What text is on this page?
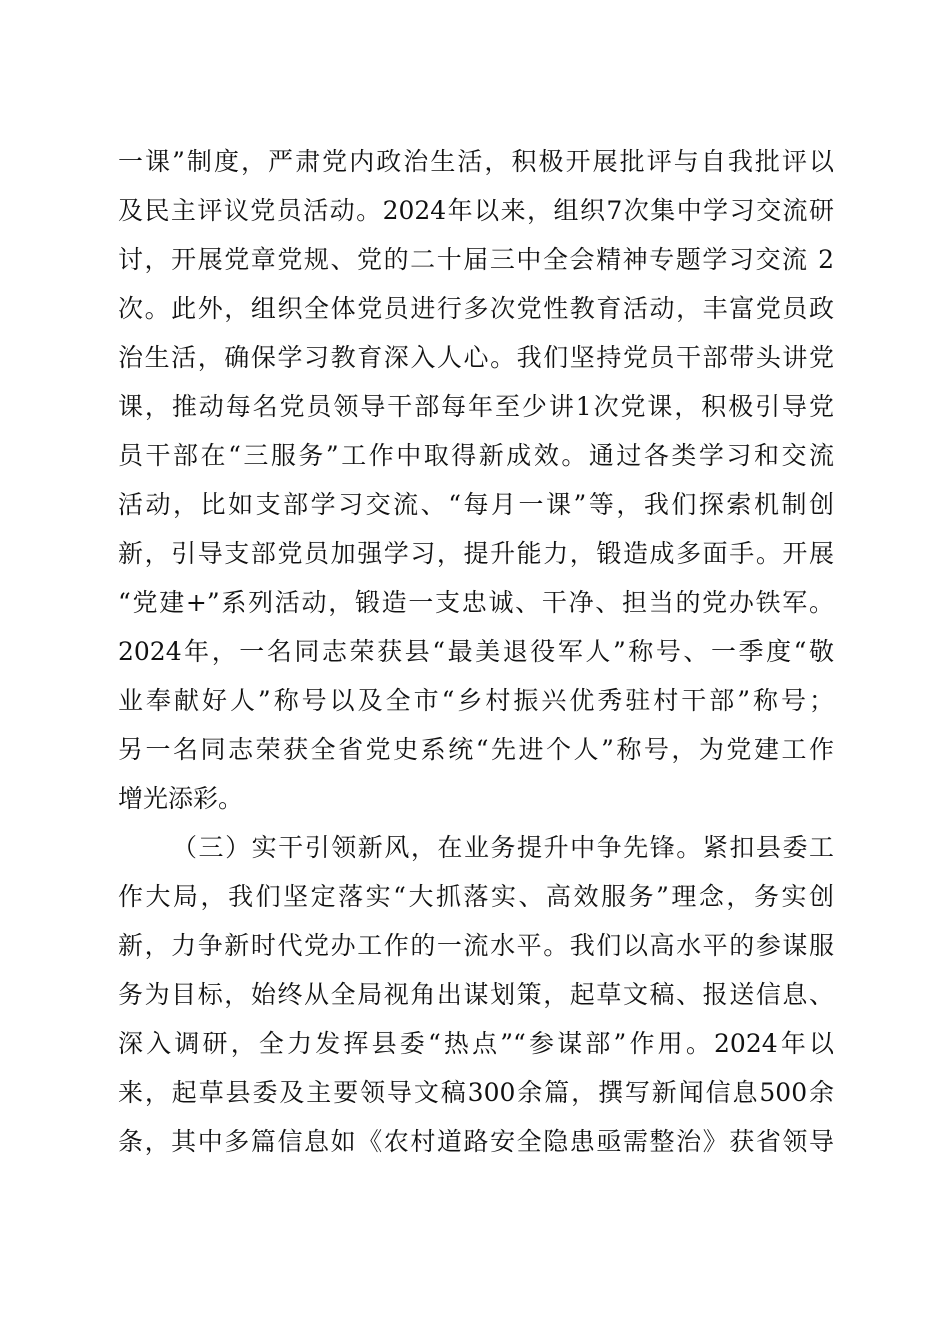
一课”制度，严肃党内政治生活，积极开展批评与自我批评以
及民主评议党员活动。2024年以来，组织7次集中学习交流研
讨，开展党章党规、党的二十届三中全会精神专题学习交流 2
次。此外，组织全体党员进行多次党性教育活动，丰富党员政
治生活，确保学习教育深入人心。我们坚持党员干部带头讲党
课，推动每名党员领导干部每年至少讲1次党课，积极引导党
员干部在“三服务”工作中取得新成效。通过各类学习和交流
活动，比如支部学习交流、“每月一课”等，我们探索机制创
新，引导支部党员加强学习，提升能力，锻造成多面手。开展
“党建+”系列活动，锻造一支忠诚、干净、担当的党办铁军。
2024年，一名同志荣获县“最美退役军人”称号、一季度“敬
业奉献好人”称号以及全市“乡村振兴优秀驻村干部”称号；
另一名同志荣获全省党史系统“先进个人”称号，为党建工作
增光添彩。
（三）实干引领新风，在业务提升中争先锋。紧扣县委工
作大局，我们坚定落实“大抓落实、高效服务”理念，务实创
新，力争新时代党办工作的一流水平。我们以高水平的参谋服
务为目标，始终从全局视角出谋划策，起草文稿、报送信息、
深入调研，全力发挥县委“热点”“参谋部”作用。2024年以
来，起草县委及主要领导文稿300余篇，撰写新闻信息500余
条，其中多篇信息如《农村道路安全隐患亟需整治》获省领导
